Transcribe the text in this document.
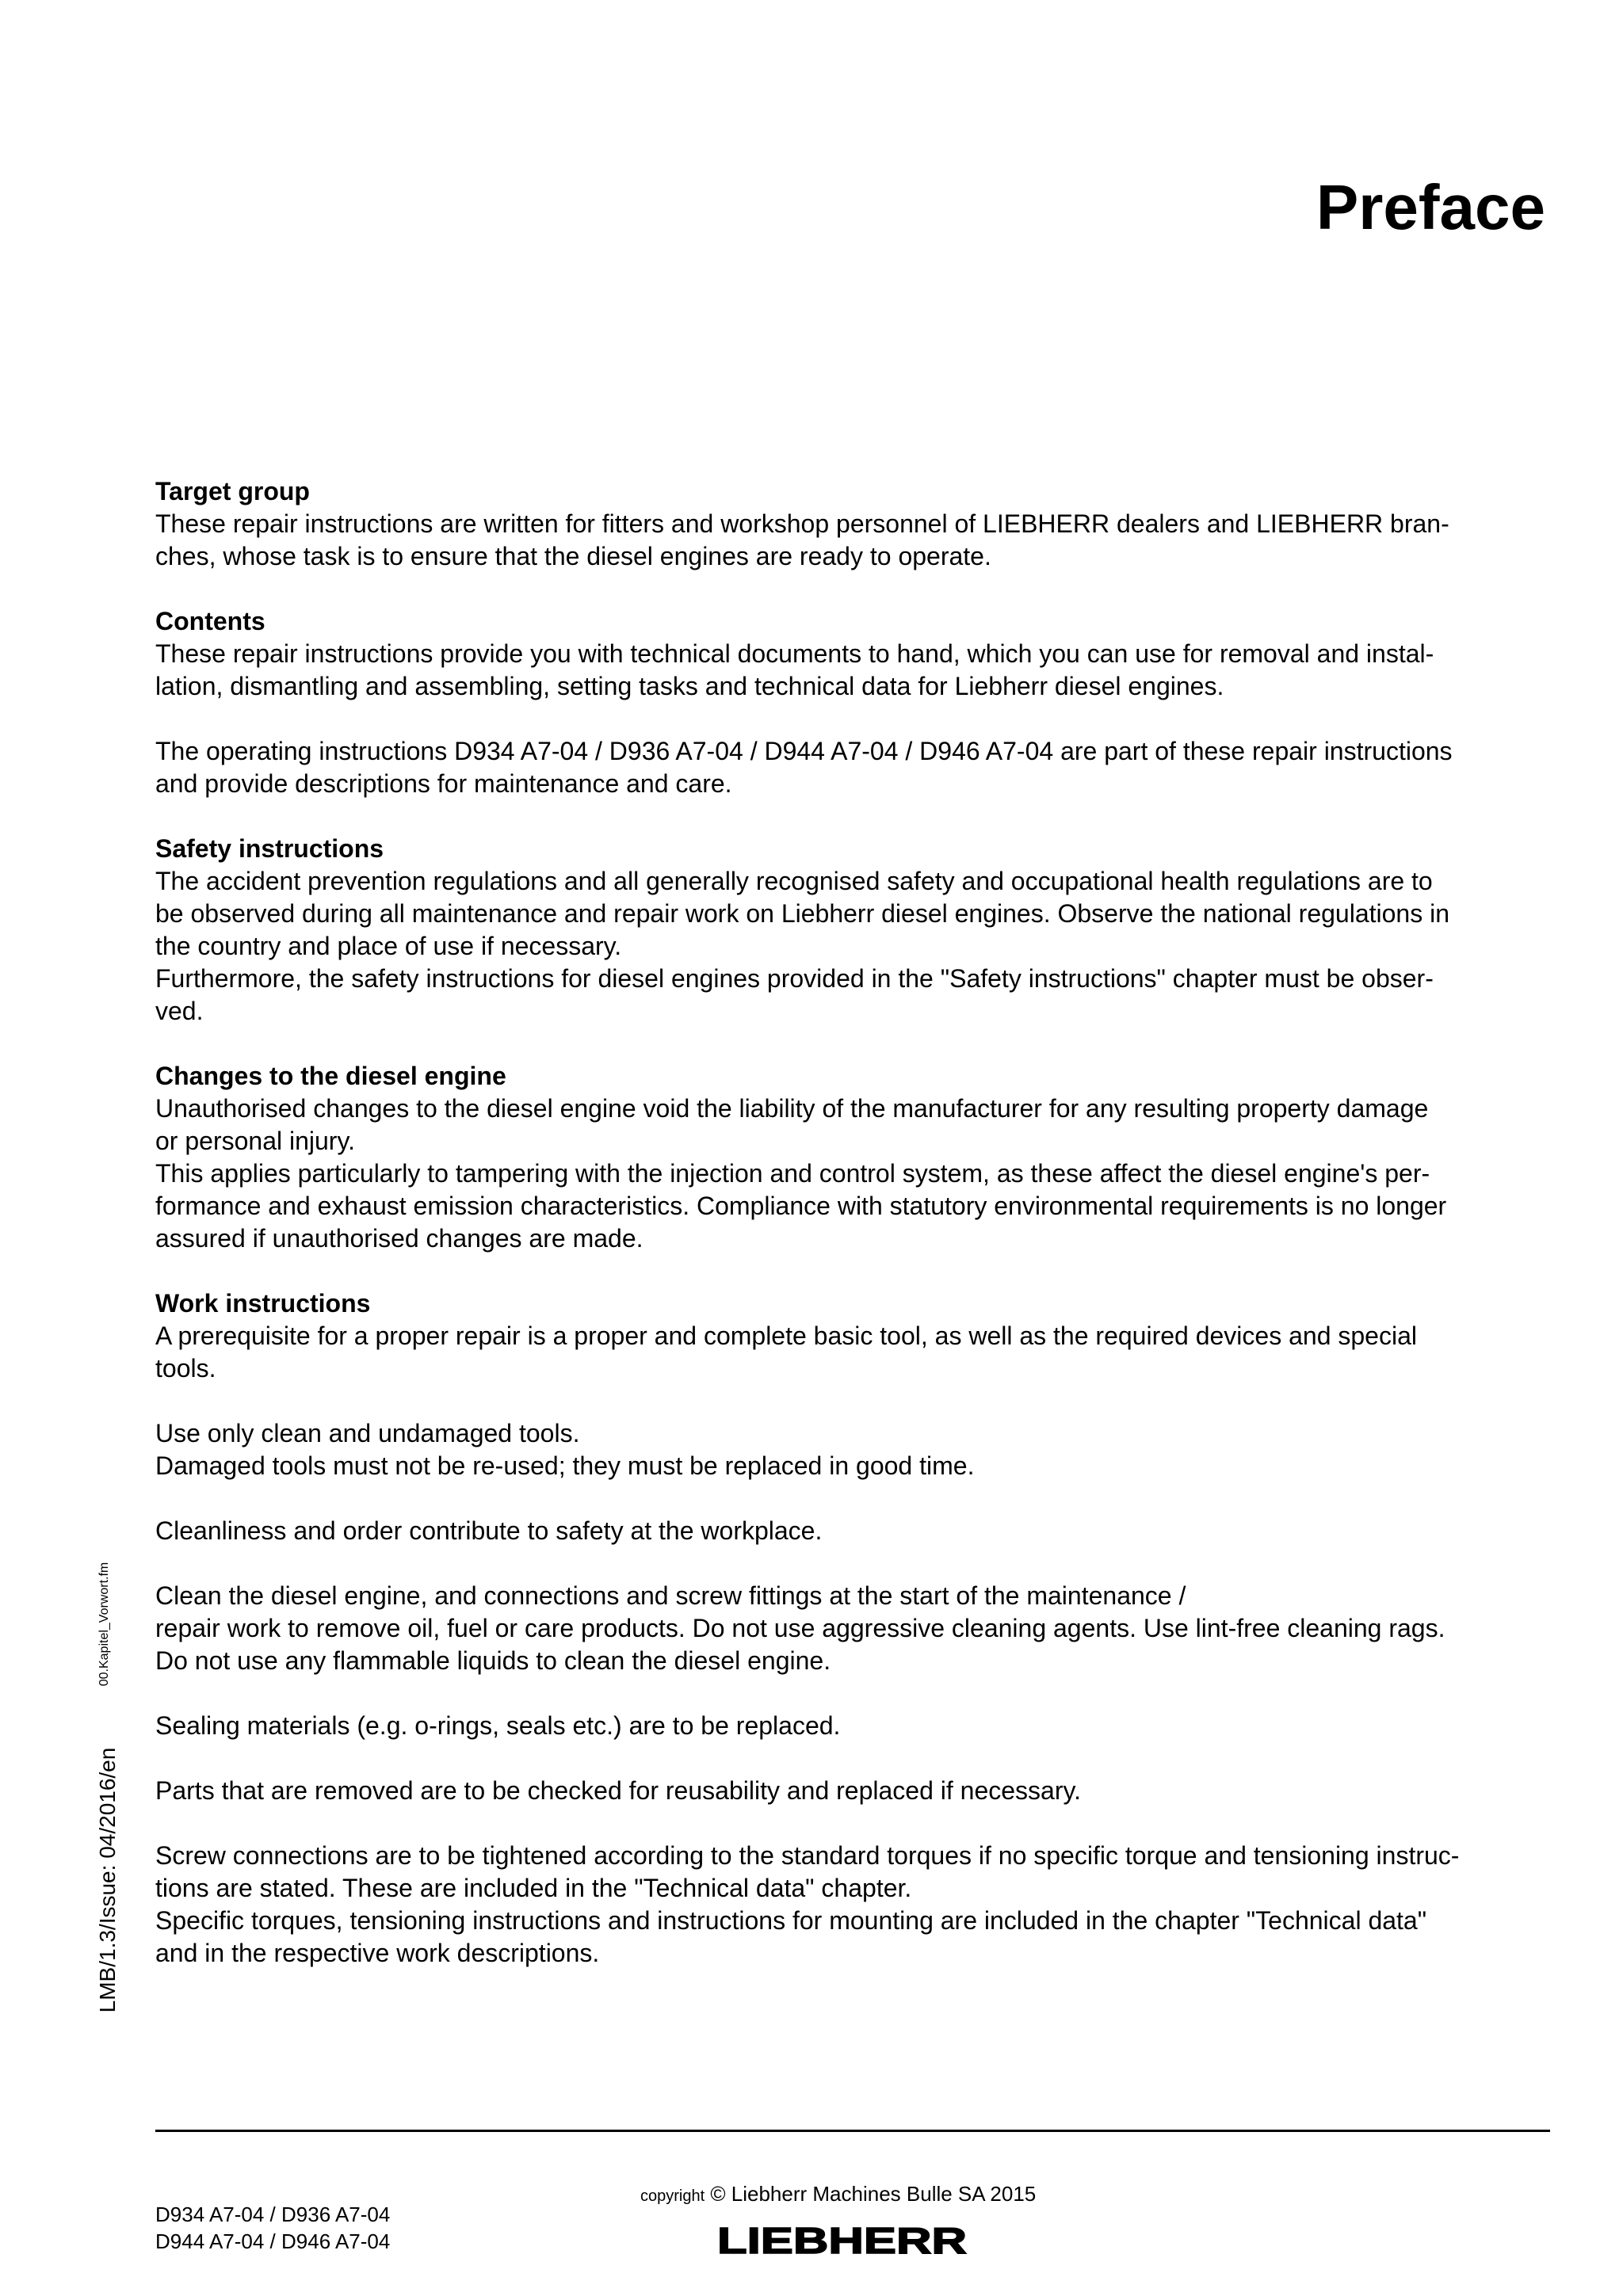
Preface
Target group
These repair instructions are written for fitters and workshop personnel of LIEBHERR dealers and LIEBHERR bran-
ches, whose task is to ensure that the diesel engines are ready to operate.
Contents
These repair instructions provide you with technical documents to hand, which you can use for removal and instal-
lation, dismantling and assembling, setting tasks and technical data for Liebherr diesel engines.
The operating instructions D934 A7-04 / D936 A7-04 / D944 A7-04 / D946 A7-04 are part of these repair instructions
and provide descriptions for maintenance and care.
Safety instructions
The accident prevention regulations and all generally recognised safety and occupational health regulations are to
be observed during all maintenance and repair work on Liebherr diesel engines. Observe the national regulations in
the country and place of use if necessary.
Furthermore, the safety instructions for diesel engines provided in the "Safety instructions" chapter must be obser-
ved.
Changes to the diesel engine
Unauthorised changes to the diesel engine void the liability of the manufacturer for any resulting property damage
or personal injury.
This applies particularly to tampering with the injection and control system, as these affect the diesel engine's per-
formance and exhaust emission characteristics. Compliance with statutory environmental requirements is no longer
assured if unauthorised changes are made.
Work instructions
A prerequisite for a proper repair is a proper and complete basic tool, as well as the required devices and special
tools.
Use only clean and undamaged tools.
Damaged tools must not be re-used; they must be replaced in good time.
Cleanliness and order contribute to safety at the workplace.
Clean the diesel engine, and connections and screw fittings at the start of the maintenance /
repair work to remove oil, fuel or care products. Do not use aggressive cleaning agents. Use lint-free cleaning rags.
Do not use any flammable liquids to clean the diesel engine.
Sealing materials (e.g. o-rings, seals etc.) are to be replaced.
Parts that are removed are to be checked for reusability and replaced if necessary.
Screw connections are to be tightened according to the standard torques if no specific torque and tensioning instruc-
tions are stated. These are included in the "Technical data" chapter.
Specific torques, tensioning instructions and instructions for mounting are included in the chapter "Technical data"
and in the respective work descriptions.
00.Kapitel_Vorwort.fm
LMB/1.3/Issue: 04/2016/en
D934 A7-04 / D936 A7-04
D944 A7-04 / D946 A7-04
copyright © Liebherr Machines Bulle SA 2015
LIEBHERR
